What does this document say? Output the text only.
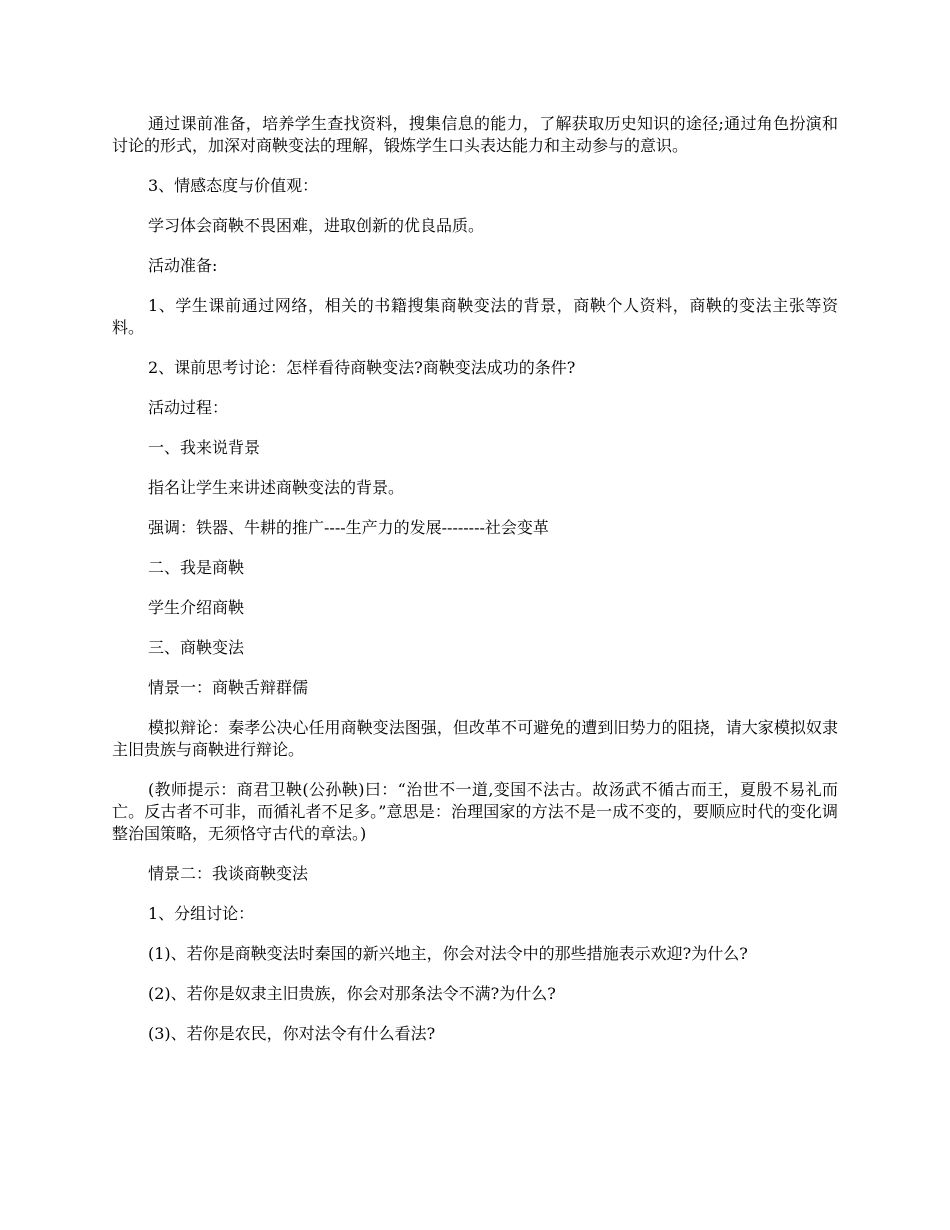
通过课前准备，培养学生查找资料，搜集信息的能力，了解获取历史知识的途径;通过角色扮演和讨论的形式，加深对商鞅变法的理解，锻炼学生口头表达能力和主动参与的意识。

3、情感态度与价值观：

学习体会商鞅不畏困难，进取创新的优良品质。

活动准备:

1、学生课前通过网络，相关的书籍搜集商鞅变法的背景，商鞅个人资料，商鞅的变法主张等资料。

2、课前思考讨论：怎样看待商鞅变法?商鞅变法成功的条件?

活动过程：

一、我来说背景

指名让学生来讲述商鞅变法的背景。

强调：铁器、牛耕的推广----生产力的发展--------社会变革

二、我是商鞅

学生介绍商鞅

三、商鞅变法

情景一：商鞅舌辩群儒

模拟辩论：秦孝公决心任用商鞅变法图强，但改革不可避免的遭到旧势力的阻挠，请大家模拟奴隶主旧贵族与商鞅进行辩论。

(教师提示：商君卫鞅(公孙鞅)曰：“治世不一道,变国不法古。故汤武不循古而王，夏殷不易礼而亡。反古者不可非，而循礼者不足多。”意思是：治理国家的方法不是一成不变的，要顺应时代的变化调整治国策略，无须恪守古代的章法。)

情景二：我谈商鞅变法

1、分组讨论：

(1)、若你是商鞅变法时秦国的新兴地主，你会对法令中的那些措施表示欢迎?为什么?

(2)、若你是奴隶主旧贵族，你会对那条法令不满?为什么?

(3)、若你是农民，你对法令有什么看法?
